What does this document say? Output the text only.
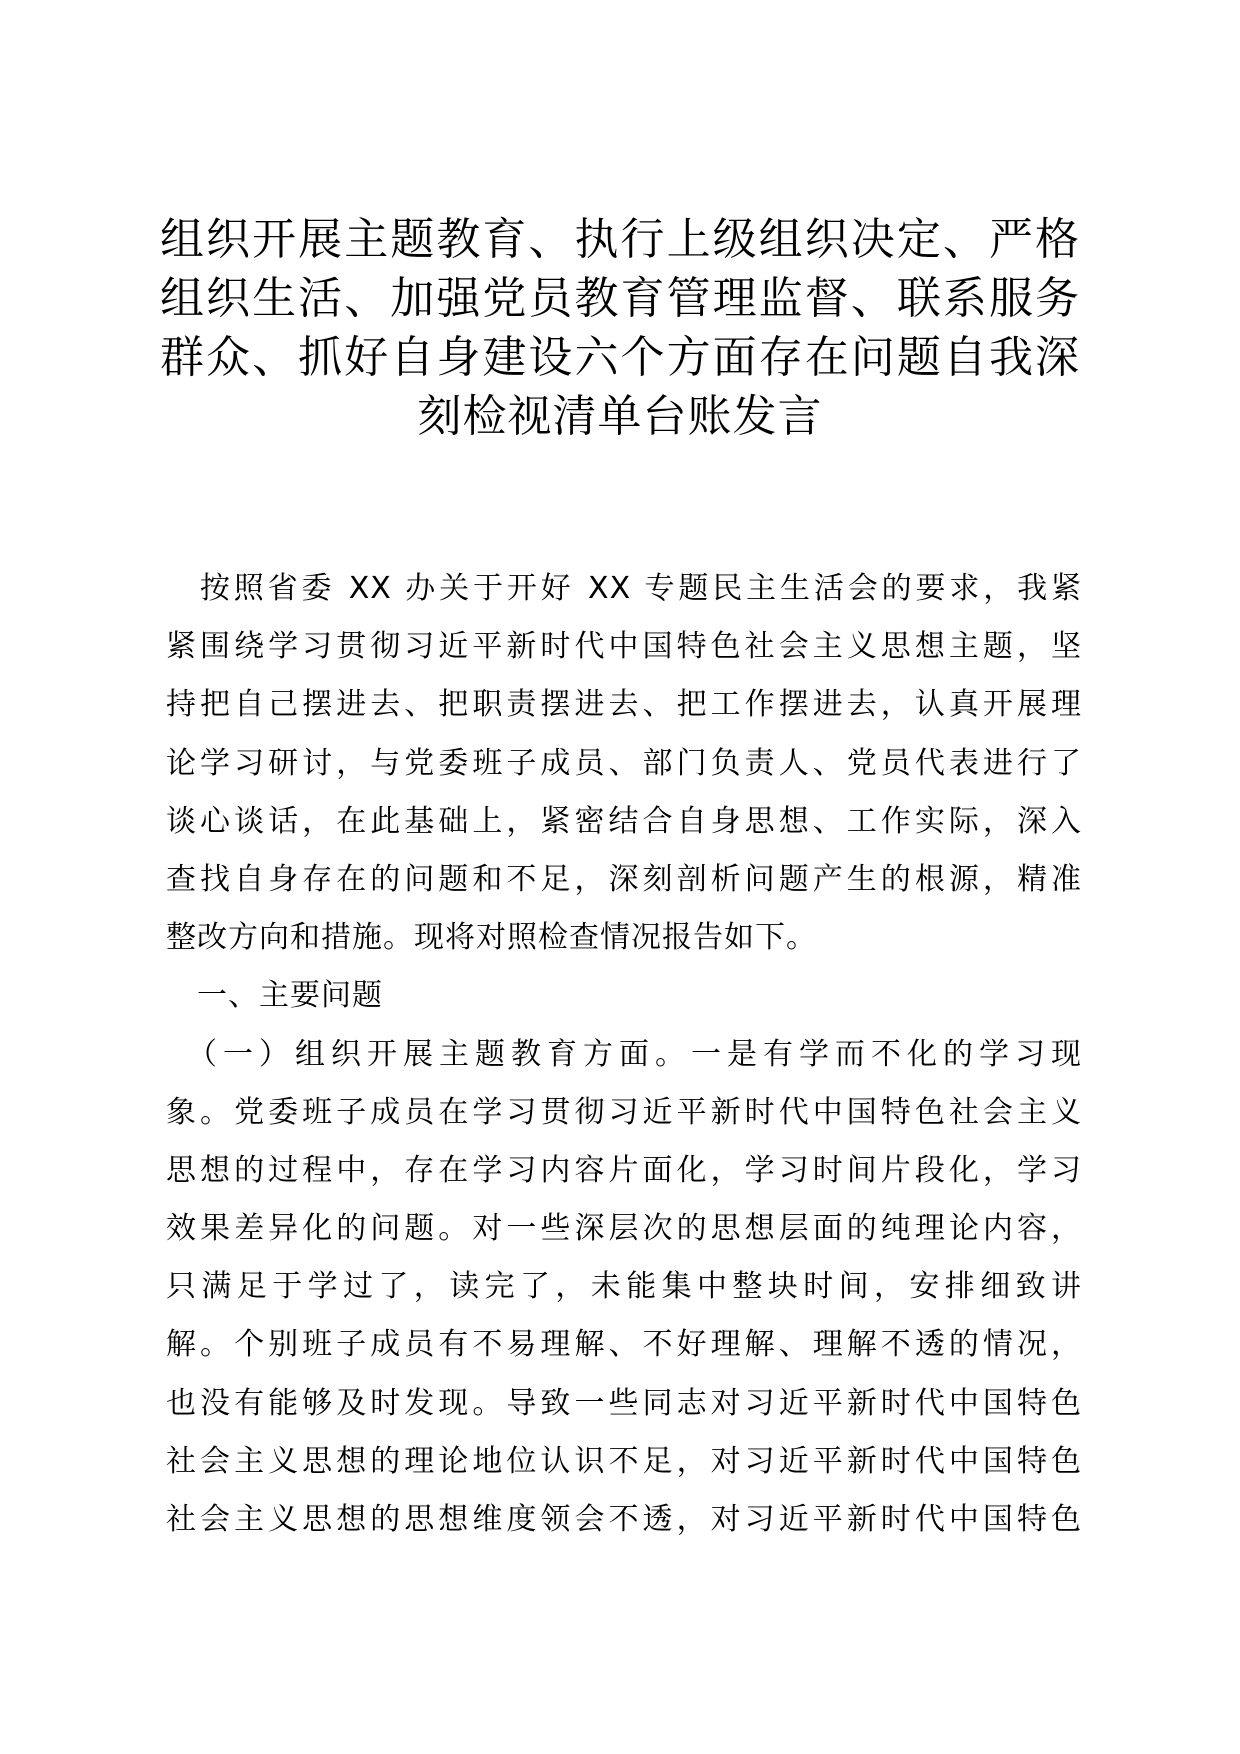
组织开展主题教育、执行上级组织决定、严格
组织生活、加强党员教育管理监督、联系服务
群众、抓好自身建设六个方面存在问题自我深
刻检视清单台账发言
　按照省委 XX 办关于开好 XX 专题民主生活会的要求，我紧
紧围绕学习贯彻习近平新时代中国特色社会主义思想主题，坚
持把自己摆进去、把职责摆进去、把工作摆进去，认真开展理
论学习研讨，与党委班子成员、部门负责人、党员代表进行了
谈心谈话，在此基础上，紧密结合自身思想、工作实际，深入
查找自身存在的问题和不足，深刻剖析问题产生的根源，精准
整改方向和措施。现将对照检查情况报告如下。
　一、主要问题
　（一）组织开展主题教育方面。一是有学而不化的学习现
象。党委班子成员在学习贯彻习近平新时代中国特色社会主义
思想的过程中，存在学习内容片面化，学习时间片段化，学习
效果差异化的问题。对一些深层次的思想层面的纯理论内容，
只满足于学过了，读完了，未能集中整块时间，安排细致讲
解。个别班子成员有不易理解、不好理解、理解不透的情况，
也没有能够及时发现。导致一些同志对习近平新时代中国特色
社会主义思想的理论地位认识不足，对习近平新时代中国特色
社会主义思想的思想维度领会不透，对习近平新时代中国特色
